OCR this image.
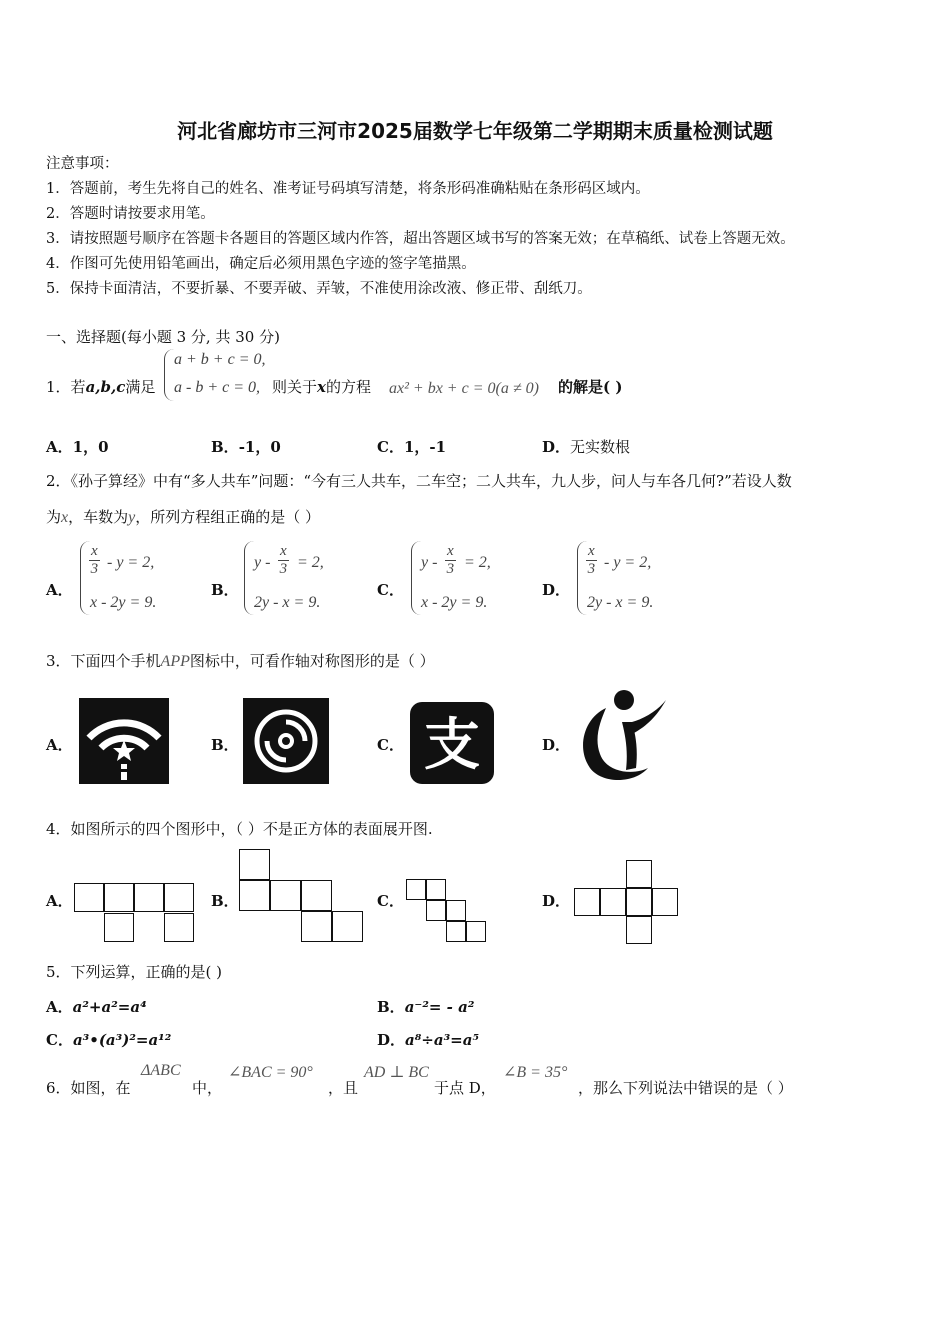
河北省廊坊市三河市2025届数学七年级第二学期期末质量检测试题
注意事项：
1．答题前，考生先将自己的姓名、准考证号码填写清楚，将条形码准确粘贴在条形码区域内。
2．答题时请按要求用笔。
3．请按照题号顺序在答题卡各题目的答题区域内作答，超出答题区域书写的答案无效；在草稿纸、试卷上答题无效。
4．作图可先使用铅笔画出，确定后必须用黑色字迹的签字笔描黑。
5．保持卡面清洁，不要折暴、不要弄破、弄皱，不准使用涂改液、修正带、刮纸刀。
一、选择题(每小题 3 分, 共 30 分)
1．若a,b,c满足
a + b + c = 0,
a - b + c = 0, 则关于x的方程 ax² + bx + c = 0(a ≠ 0) 的解是( )
A．1，0	B．-1，0	C．1，-1	D．无实数根
2．《孙子算经》中有“多人共车”问题：“今有三人共车，二车空；二人共车，九人步，问人与车各几何?”若设人数
为x，车数为y，所列方程组正确的是（ ）
A．
$\frac{x}{3} - y = 2$,
x - 2y = 9.
B．
$y - \frac{x}{3} = 2$,
2y - x = 9.
C．
$y - \frac{x}{3} = 2$,
x - 2y = 9.
D．
$\frac{x}{3} - y = 2$,
2y - x = 9.
3．下面四个手机APP图标中，可看作轴对称图形的是（ ）
A．	B．	C．	D．
支
4．如图所示的四个图形中，（ ）不是正方体的表面展开图.
A．	B．	C．	D．
5．下列运算，正确的是( )
A．a²+a²=a⁴	B．a⁻²= - a²
C．a³•(a³)²=a¹²	D．a⁸÷a³=a⁵
6．如图，在
ΔABC
中，
∠BAC = 90°
，且
AD ⊥ BC
于点 D，
∠B = 35°
，那么下列说法中错误的是（ ）
